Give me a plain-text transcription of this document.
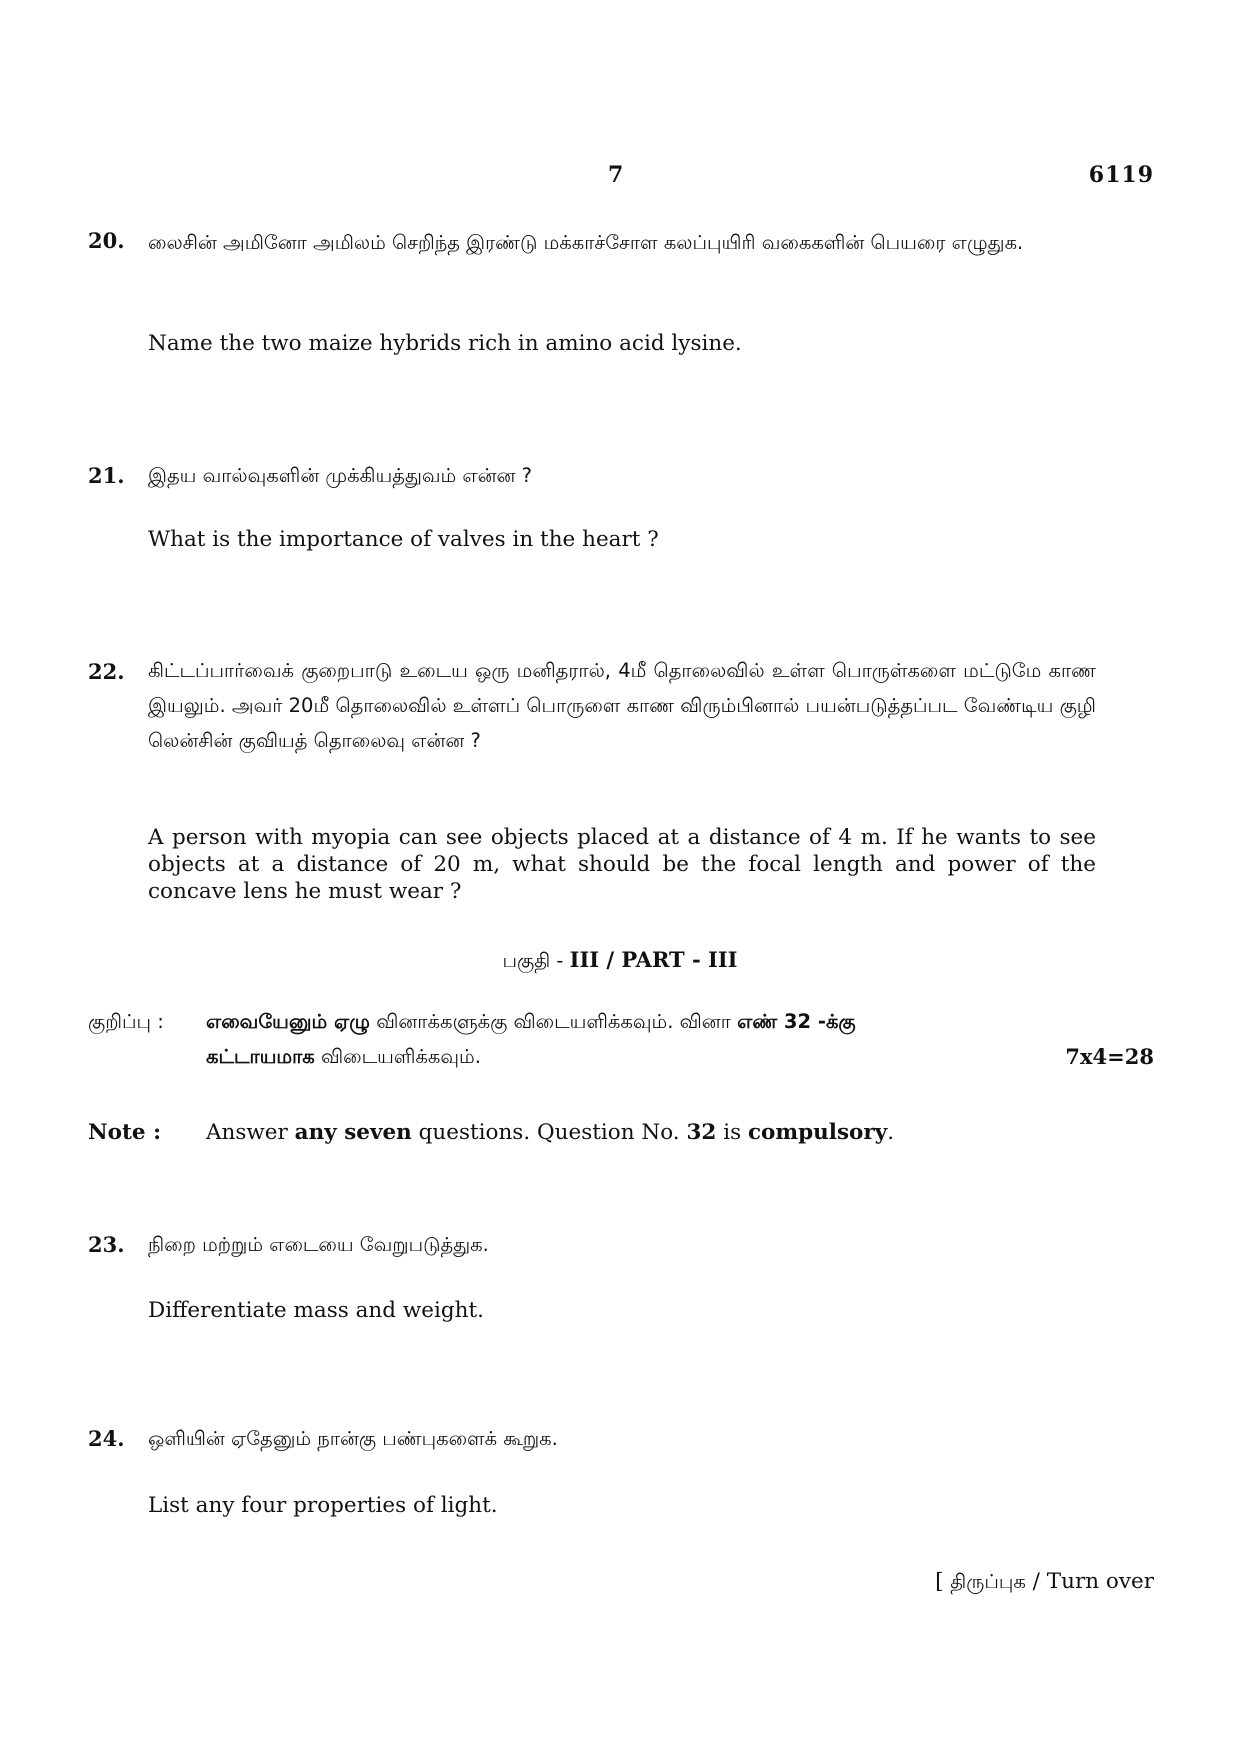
7	6119
20. லைசின் அமினோ அமிலம் செறிந்த இரண்டு மக்காச்சோள கலப்புயிரி வகைகளின் பெயரை எழுதுக.
Name the two maize hybrids rich in amino acid lysine.
21. இதய வால்வுகளின் முக்கியத்துவம் என்ன ?
What is the importance of valves in the heart ?
22. கிட்டப்பார்வைக் குறைபாடு உடைய ஒரு மனிதரால், 4மீ தொலைவில் உள்ள பொருள்களை மட்டுமே காண இயலும். அவர் 20மீ தொலைவில் உள்ளப் பொருளை காண விரும்பினால் பயன்படுத்தப்பட வேண்டிய குழி லென்சின் குவியத் தொலைவு என்ன ?
A person with myopia can see objects placed at a distance of 4 m. If he wants to see objects at a distance of 20 m, what should be the focal length and power of the concave lens he must wear ?
பகுதி - III / PART - III
குறிப்பு : எவையேனும் ஏழு வினாக்களுக்கு விடையளிக்கவும். வினா எண் 32 -க்கு
கட்டாயமாக விடையளிக்கவும்.	7x4=28
Note : Answer any seven questions. Question No. 32 is compulsory.
23. நிறை மற்றும் எடையை வேறுபடுத்துக.
Differentiate mass and weight.
24. ஒளியின் ஏதேனும் நான்கு பண்புகளைக் கூறுக.
List any four properties of light.
[ திருப்புக / Turn over
